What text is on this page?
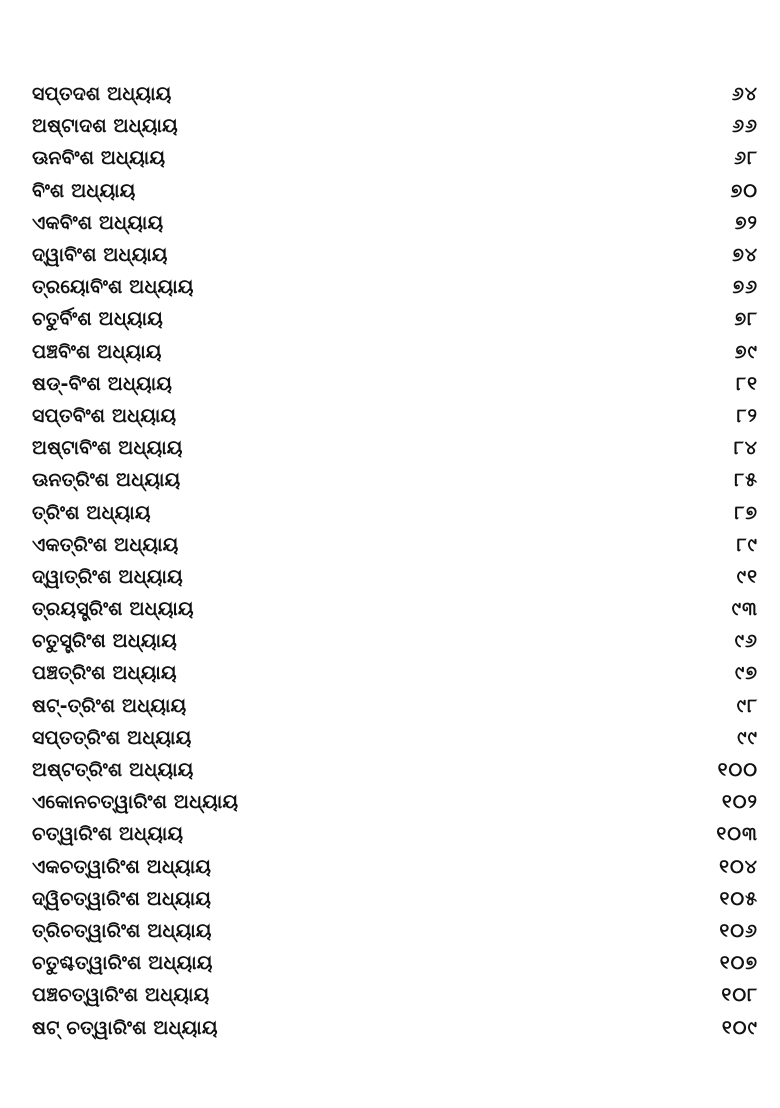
ସପ୍ତଦଶ ଅଧ୍ୟାୟ	୬୪
ଅଷ୍ଟାଦଶ ଅଧ୍ୟାୟ	୬୬
ଊନବିଂଶ ଅଧ୍ୟାୟ	୬୮
ବିଂଶ ଅଧ୍ୟାୟ	୭୦
ଏକବିଂଶ ଅଧ୍ୟାୟ	୭୨
ଦ୍ୱାବିଂଶ ଅଧ୍ୟାୟ	୭୪
ତ୍ରୟୋବିଂଶ ଅଧ୍ୟାୟ	୭୬
ଚତୁର୍ବିଂଶ ଅଧ୍ୟାୟ	୭୮
ପଞ୍ଚବିଂଶ ଅଧ୍ୟାୟ	୭୯
ଷଡ୍-ବିଂଶ ଅଧ୍ୟାୟ	୮୧
ସପ୍ତବିଂଶ ଅଧ୍ୟାୟ	୮୨
ଅଷ୍ଟାବିଂଶ ଅଧ୍ୟାୟ	୮୪
ଊନତ୍ରିଂଶ ଅଧ୍ୟାୟ	୮୫
ତ୍ରିଂଶ ଅଧ୍ୟାୟ	୮୭
ଏକତ୍ରିଂଶ ଅଧ୍ୟାୟ	୮୯
ଦ୍ୱାତ୍ରିଂଶ ଅଧ୍ୟାୟ	୯୧
ତ୍ରୟସ୍ତ୍ରିଂଶ ଅଧ୍ୟାୟ	୯୩
ଚତୁସ୍ତ୍ରିଂଶ ଅଧ୍ୟାୟ	୯୬
ପଞ୍ଚତ୍ରିଂଶ ଅଧ୍ୟାୟ	୯୭
ଷଟ୍-ତ୍ରିଂଶ ଅଧ୍ୟାୟ	୯୮
ସପ୍ତତ୍ରିଂଶ ଅଧ୍ୟାୟ	୯୯
ଅଷ୍ଟତ୍ରିଂଶ ଅଧ୍ୟାୟ	୧୦୦
ଏକୋନଚତ୍ୱାରିଂଶ ଅଧ୍ୟାୟ	୧୦୨
ଚତ୍ୱାରିଂଶ ଅଧ୍ୟାୟ	୧୦୩
ଏକଚତ୍ୱାରିଂଶ ଅଧ୍ୟାୟ	୧୦୪
ଦ୍ୱିଚତ୍ୱାରିଂଶ ଅଧ୍ୟାୟ	୧୦୫
ତ୍ରିଚତ୍ୱାରିଂଶ ଅଧ୍ୟାୟ	୧୦୬
ଚତୁଶ୍ଚତ୍ୱାରିଂଶ ଅଧ୍ୟାୟ	୧୦୭
ପଞ୍ଚଚତ୍ୱାରିଂଶ ଅଧ୍ୟାୟ	୧୦୮
ଷଟ୍ ଚତ୍ୱାରିଂଶ ଅଧ୍ୟାୟ	୧୦୯
